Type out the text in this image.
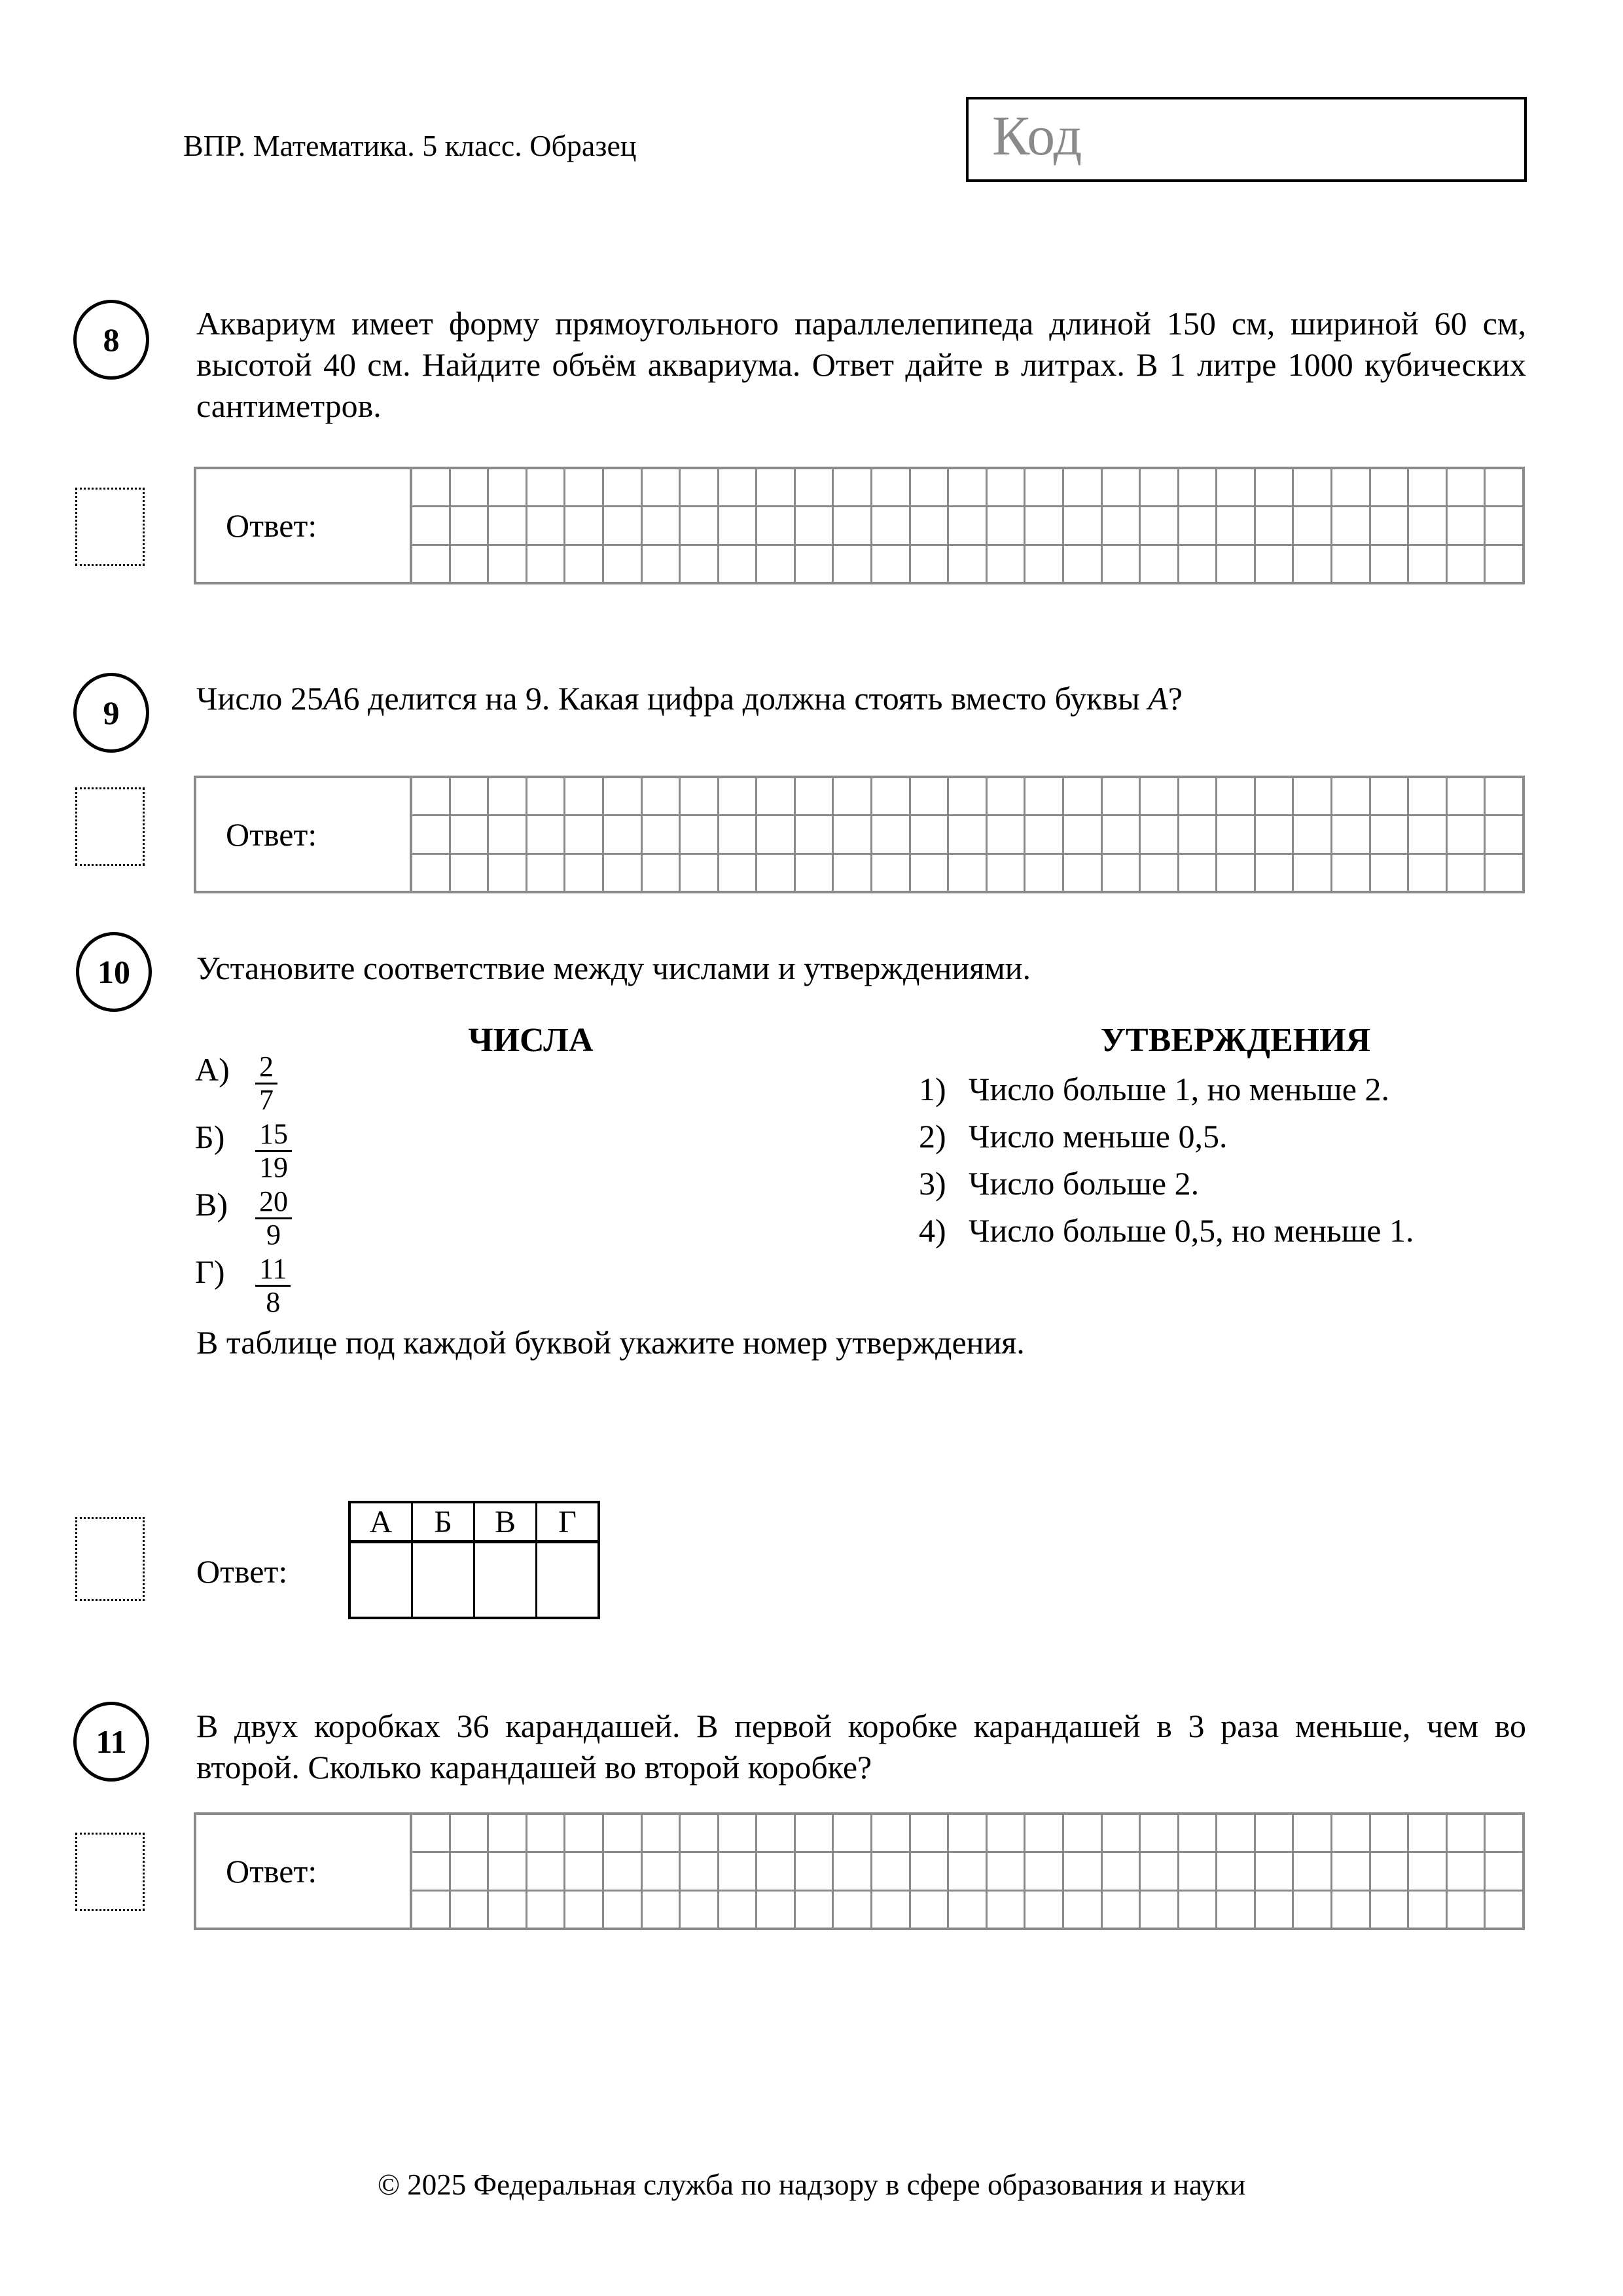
ВПР. Математика. 5 класс. Образец	Код
8 Аквариум имеет форму прямоугольного параллелепипеда длиной 150 см, шириной 60 см, высотой 40 см. Найдите объём аквариума. Ответ дайте в литрах. В 1 литре 1000 кубических сантиметров.
Ответ:
9 Число 25А6 делится на 9. Какая цифра должна стоять вместо буквы А?
Ответ:
10 Установите соответствие между числами и утверждениями.
ЧИСЛА	УТВЕРЖДЕНИЯ
$А) \frac{2}{7}$
Б)	$\frac{15}{19}$
$В) \frac{20}{9}$
Г)	$\frac{11}{8}$
1) Число больше 1, но меньше 2.
2) Число меньше 0,5.
3) Число больше 2.
4) Число больше 0,5, но меньше 1.
В таблице под каждой буквой укажите номер утверждения.
Ответ:
А	Б	В	Г

11 В двух коробках 36 карандашей. В первой коробке карандашей в 3 раза меньше, чем во второй. Сколько карандашей во второй коробке?
Ответ:
© 2025 Федеральная служба по надзору в сфере образования и науки
